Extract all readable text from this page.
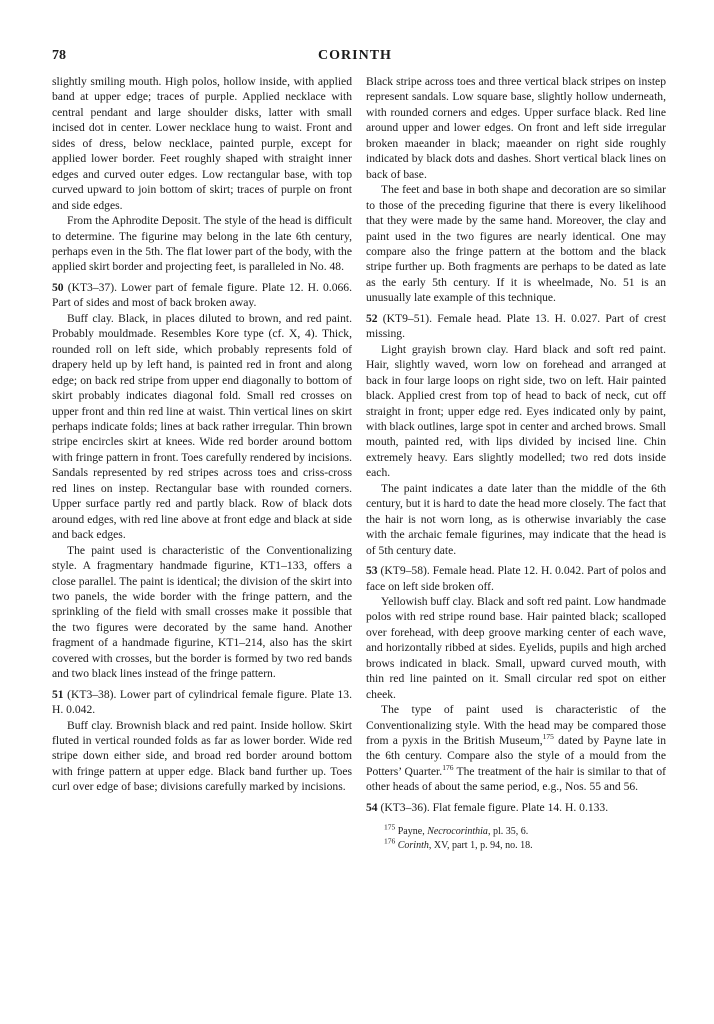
78	CORINTH

slightly smiling mouth. High polos, hollow inside, with applied band at upper edge; traces of purple. Applied necklace with central pendant and large shoulder disks, latter with small incised dot in center. Lower necklace hung to waist. Front and sides of dress, below necklace, painted purple, except for applied lower border. Feet roughly shaped with straight inner edges and curved outer edges. Low rectangular base, with top curved upward to join bottom of skirt; traces of purple on front and side edges.

From the Aphrodite Deposit. The style of the head is difficult to determine. The figurine may belong in the late 6th century, perhaps even in the 5th. The flat lower part of the body, with the applied skirt border and projecting feet, is paralleled in No. 48.

50 (KT3–37). Lower part of female figure. Plate 12. H. 0.066. Part of sides and most of back broken away.

Buff clay. Black, in places diluted to brown, and red paint. Probably mouldmade. Resembles Kore type (cf. X, 4). Thick, rounded roll on left side, which probably represents fold of drapery held up by left hand, is painted red in front and along edge; on back red stripe from upper end diagonally to bottom of skirt probably indicates diagonal fold. Small red crosses on upper front and thin red line at waist. Thin vertical lines on skirt perhaps indicate folds; lines at back rather irregular. Thin brown stripe encircles skirt at knees. Wide red border around bottom with fringe pattern in front. Toes carefully rendered by incisions. Sandals represented by red stripes across toes and criss-cross red lines on instep. Rectangular base with rounded corners. Upper surface partly red and partly black. Row of black dots around edges, with red line above at front edge and black at side and back edges.

The paint used is characteristic of the Conventionalizing style. A fragmentary handmade figurine, KT1–133, offers a close parallel. The paint is identical; the division of the skirt into two panels, the wide border with the fringe pattern, and the sprinkling of the field with small crosses make it possible that the two figures were decorated by the same hand. Another fragment of a handmade figurine, KT1–214, also has the skirt covered with crosses, but the border is formed by two red bands and two black lines instead of the fringe pattern.

51 (KT3–38). Lower part of cylindrical female figure. Plate 13. H. 0.042.

Buff clay. Brownish black and red paint. Inside hollow. Skirt fluted in vertical rounded folds as far as lower border. Wide red stripe down either side, and broad red border around bottom with fringe pattern at upper edge. Black band further up. Toes curl over edge of base; divisions carefully marked by incisions.

Black stripe across toes and three vertical black stripes on instep represent sandals. Low square base, slightly hollow underneath, with rounded corners and edges. Upper surface black. Red line around upper and lower edges. On front and left side irregular broken maeander in black; maeander on right side roughly indicated by black dots and dashes. Short vertical black lines on back of base.

The feet and base in both shape and decoration are so similar to those of the preceding figurine that there is every likelihood that they were made by the same hand. Moreover, the clay and paint used in the two figures are nearly identical. One may compare also the fringe pattern at the bottom and the black stripe further up. Both fragments are perhaps to be dated as late as the early 5th century. If it is wheelmade, No. 51 is an unusually late example of this technique.

52 (KT9–51). Female head. Plate 13. H. 0.027. Part of crest missing.

Light grayish brown clay. Hard black and soft red paint. Hair, slightly waved, worn low on forehead and arranged at back in four large loops on right side, two on left. Hair painted black. Applied crest from top of head to back of neck, cut off straight in front; upper edge red. Eyes indicated only by paint, with black outlines, large spot in center and arched brows. Small mouth, painted red, with lips divided by incised line. Chin extremely heavy. Ears slightly modelled; two red dots inside each.

The paint indicates a date later than the middle of the 6th century, but it is hard to date the head more closely. The fact that the hair is not worn long, as is otherwise invariably the case with the archaic female figurines, may indicate that the head is of 5th century date.

53 (KT9–58). Female head. Plate 12. H. 0.042. Part of polos and face on left side broken off.

Yellowish buff clay. Black and soft red paint. Low handmade polos with red stripe round base. Hair painted black; scalloped over forehead, with deep groove marking center of each wave, and horizontally ribbed at sides. Eyelids, pupils and high arched brows indicated in black. Small, upward curved mouth, with thin red line painted on it. Small circular red spot on either cheek.

The type of paint used is characteristic of the Conventionalizing style. With the head may be compared those from a pyxis in the British Museum,$^{175}$ dated by Payne late in the 6th century. Compare also the style of a mould from the Potters’ Quarter.$^{176}$ The treatment of the hair is similar to that of other heads of about the same period, e.g., Nos. 55 and 56.

54 (KT3–36). Flat female figure. Plate 14. H. 0.133.

$^{175}$ Payne, Necrocorinthia, pl. 35, 6.
$^{176}$ Corinth, XV, part 1, p. 94, no. 18.
